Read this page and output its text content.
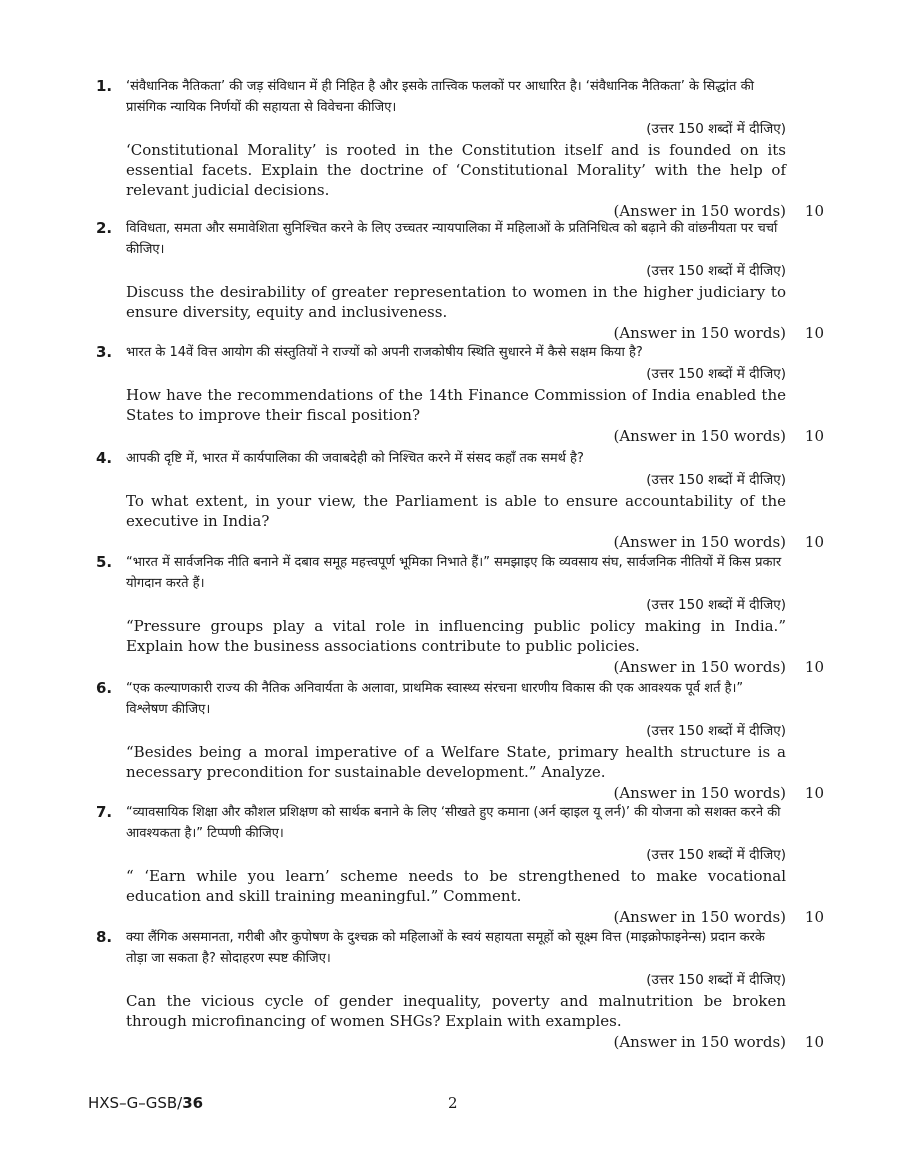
1. ‘संवैधानिक नैतिकता’ की जड़ संविधान में ही निहित है और इसके तात्त्विक फलकों पर आधारित है। ‘संवैधानिक नैतिकता’ के सिद्धांत की प्रासंगिक न्यायिक निर्णयों की सहायता से विवेचना कीजिए।
(उत्तर 150 शब्दों में दीजिए)
‘Constitutional Morality’ is rooted in the Constitution itself and is founded on its essential facets. Explain the doctrine of ‘Constitutional Morality’ with the help of relevant judicial decisions.
(Answer in 150 words) 10
2. विविधता, समता और समावेशिता सुनिश्चित करने के लिए उच्चतर न्यायपालिका में महिलाओं के प्रतिनिधित्व को बढ़ाने की वांछनीयता पर चर्चा कीजिए।
(उत्तर 150 शब्दों में दीजिए)
Discuss the desirability of greater representation to women in the higher judiciary to ensure diversity, equity and inclusiveness.
(Answer in 150 words) 10
3. भारत के 14वें वित्त आयोग की संस्तुतियों ने राज्यों को अपनी राजकोषीय स्थिति सुधारने में कैसे सक्षम किया है?
(उत्तर 150 शब्दों में दीजिए)
How have the recommendations of the 14th Finance Commission of India enabled the States to improve their fiscal position?
(Answer in 150 words) 10
4. आपकी दृष्टि में, भारत में कार्यपालिका की जवाबदेही को निश्चित करने में संसद कहाँ तक समर्थ है?
(उत्तर 150 शब्दों में दीजिए)
To what extent, in your view, the Parliament is able to ensure accountability of the executive in India?
(Answer in 150 words) 10
5. “भारत में सार्वजनिक नीति बनाने में दबाव समूह महत्त्वपूर्ण भूमिका निभाते हैं।” समझाइए कि व्यवसाय संघ, सार्वजनिक नीतियों में किस प्रकार योगदान करते हैं।
(उत्तर 150 शब्दों में दीजिए)
“Pressure groups play a vital role in influencing public policy making in India.” Explain how the business associations contribute to public policies.
(Answer in 150 words) 10
6. “एक कल्याणकारी राज्य की नैतिक अनिवार्यता के अलावा, प्राथमिक स्वास्थ्य संरचना धारणीय विकास की एक आवश्यक पूर्व शर्त है।” विश्लेषण कीजिए।
(उत्तर 150 शब्दों में दीजिए)
“Besides being a moral imperative of a Welfare State, primary health structure is a necessary precondition for sustainable development.” Analyze.
(Answer in 150 words) 10
7. “व्यावसायिक शिक्षा और कौशल प्रशिक्षण को सार्थक बनाने के लिए ‘सीखते हुए कमाना (अर्न व्हाइल यू लर्न)’ की योजना को सशक्त करने की आवश्यकता है।” टिप्पणी कीजिए।
(उत्तर 150 शब्दों में दीजिए)
“ ‘Earn while you learn’ scheme needs to be strengthened to make vocational education and skill training meaningful.” Comment.
(Answer in 150 words) 10
8. क्या लैंगिक असमानता, गरीबी और कुपोषण के दुश्चक्र को महिलाओं के स्वयं सहायता समूहों को सूक्ष्म वित्त (माइक्रोफाइनेन्स) प्रदान करके तोड़ा जा सकता है? सोदाहरण स्पष्ट कीजिए।
(उत्तर 150 शब्दों में दीजिए)
Can the vicious cycle of gender inequality, poverty and malnutrition be broken through microfinancing of women SHGs? Explain with examples.
(Answer in 150 words) 10
HXS–G–GSB/36	2
